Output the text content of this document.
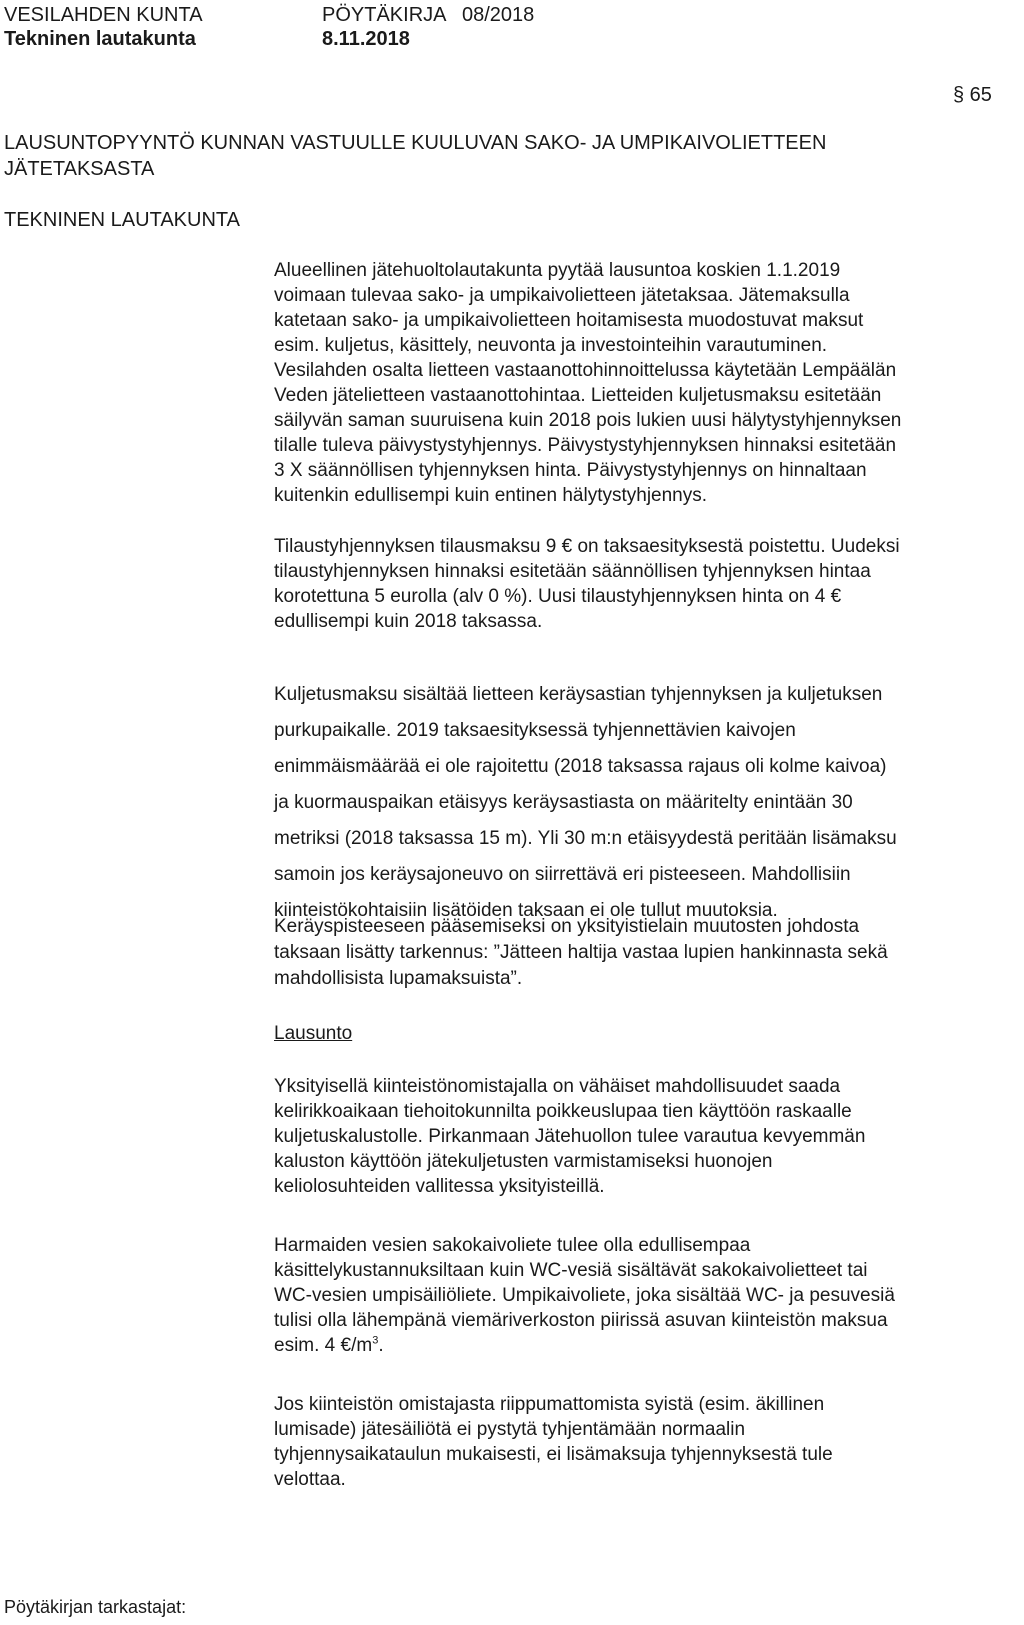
VESILAHDEN KUNTA
Tekninen lautakunta
PÖYTÄKIRJA
8.11.2018
08/2018
§ 65
LAUSUNTOPYYNTÖ KUNNAN VASTUULLE KUULUVAN SAKO- JA UMPIKAIVOLIETTEEN
JÄTETAKSASTA
TEKNINEN LAUTAKUNTA
Alueellinen jätehuoltolautakunta pyytää lausuntoa koskien 1.1.2019
voimaan tulevaa sako- ja umpikaivolietteen jätetaksaa. Jätemaksulla
katetaan sako- ja umpikaivolietteen hoitamisesta muodostuvat maksut
esim. kuljetus, käsittely, neuvonta ja investointeihin varautuminen.
Vesilahden osalta lietteen vastaanottohinnoittelussa käytetään Lempäälän
Veden jätelietteen vastaanottohintaa. Lietteiden kuljetusmaksu esitetään
säilyvän saman suuruisena kuin 2018 pois lukien uusi hälytystyhjennyksen
tilalle tuleva päivystystyhjennys. Päivystystyhjennyksen hinnaksi esitetään
3 X säännöllisen tyhjennyksen hinta. Päivystystyhjennys on hinnaltaan
kuitenkin edullisempi kuin entinen hälytystyhjennys.
Tilaustyhjennyksen tilausmaksu 9 € on taksaesityksestä poistettu. Uudeksi
tilaustyhjennyksen hinnaksi esitetään säännöllisen tyhjennyksen hintaa
korotettuna 5 eurolla (alv 0 %). Uusi tilaustyhjennyksen hinta on 4 €
edullisempi kuin 2018 taksassa.
Kuljetusmaksu sisältää lietteen keräysastian tyhjennyksen ja kuljetuksen
purkupaikalle. 2019 taksaesityksessä tyhjennettävien kaivojen
enimmäismäärää ei ole rajoitettu (2018 taksassa rajaus oli kolme kaivoa)
ja kuormauspaikan etäisyys keräysastiasta on määritelty enintään 30
metriksi (2018 taksassa 15 m). Yli 30 m:n etäisyydestä peritään lisämaksu
samoin jos keräysajoneuvo on siirrettävä eri pisteeseen. Mahdollisiin
kiinteistökohtaisiin lisätöiden taksaan ei ole tullut muutoksia.
Keräyspisteeseen pääsemiseksi on yksityistielain muutosten johdosta
taksaan lisätty tarkennus: ”Jätteen haltija vastaa lupien hankinnasta sekä
mahdollisista lupamaksuista”.
Lausunto
Yksityisellä kiinteistönomistajalla on vähäiset mahdollisuudet saada
kelirikkoaikaan tiehoitokunnilta poikkeuslupaa tien käyttöön raskaalle
kuljetuskalustolle. Pirkanmaan Jätehuollon tulee varautua kevyemmän
kaluston käyttöön jätekuljetusten varmistamiseksi huonojen
keliolosuhteiden vallitessa yksityisteillä.
Harmaiden vesien sakokaivoliete tulee olla edullisempaa
käsittelykustannuksiltaan kuin WC-vesiä sisältävät sakokaivolietteet tai
WC-vesien umpisäiliöliete. Umpikaivoliete, joka sisältää WC- ja pesuvesiä
tulisi olla lähempänä viemäriverkoston piirissä asuvan kiinteistön maksua
esim. 4 $€/m^3$.
Jos kiinteistön omistajasta riippumattomista syistä (esim. äkillinen
lumisade) jätesäiliötä ei pystytä tyhjentämään normaalin
tyhjennysaikataulun mukaisesti, ei lisämaksuja tyhjennyksestä tule
velottaa.
Pöytäkirjan tarkastajat:
